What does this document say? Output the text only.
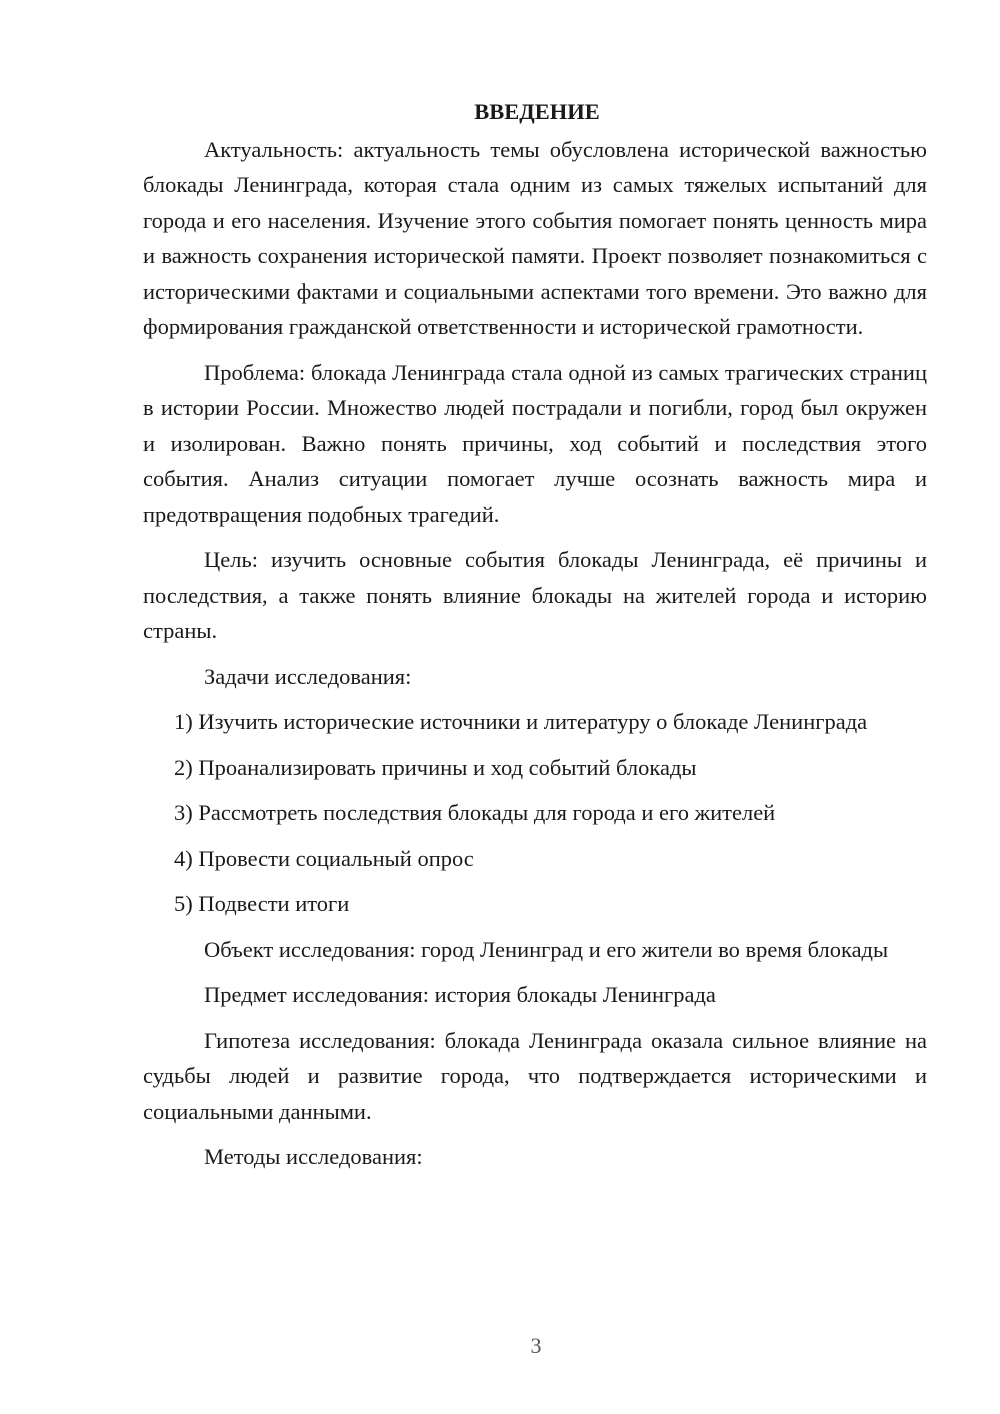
ВВЕДЕНИЕ

Актуальность: актуальность темы обусловлена исторической важностью блокады Ленинграда, которая стала одним из самых тяжелых испытаний для города и его населения. Изучение этого события помогает понять ценность мира и важность сохранения исторической памяти. Проект позволяет познакомиться с историческими фактами и социальными аспектами того времени. Это важно для формирования гражданской ответственности и исторической грамотности.

Проблема: блокада Ленинграда стала одной из самых трагических страниц в истории России. Множество людей пострадали и погибли, город был окружен и изолирован. Важно понять причины, ход событий и последствия этого события. Анализ ситуации помогает лучше осознать важность мира и предотвращения подобных трагедий.

Цель: изучить основные события блокады Ленинграда, её причины и последствия, а также понять влияние блокады на жителей города и историю страны.

Задачи исследования:

1) Изучить исторические источники и литературу о блокаде Ленинграда

2) Проанализировать причины и ход событий блокады

3) Рассмотреть последствия блокады для города и его жителей

4) Провести социальный опрос

5) Подвести итоги

Объект исследования: город Ленинград и его жители во время блокады

Предмет исследования: история блокады Ленинграда

Гипотеза исследования: блокада Ленинграда оказала сильное влияние на судьбы людей и развитие города, что подтверждается историческими и социальными данными.

Методы исследования:

3
